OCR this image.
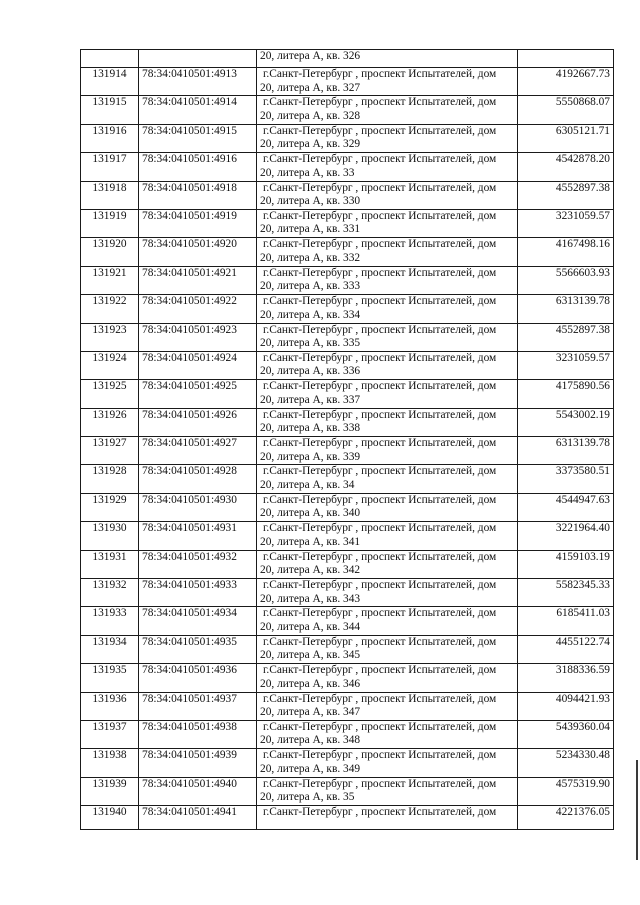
		20, литера А, кв. 326	

131914	78:34:0410501:4913	г.Санкт-Петербург , проспект Испытателей, дом
20, литера А, кв. 327	4192667.73
131915	78:34:0410501:4914	г.Санкт-Петербург , проспект Испытателей, дом
20, литера А, кв. 328	5550868.07
131916	78:34:0410501:4915	г.Санкт-Петербург , проспект Испытателей, дом
20, литера А, кв. 329	6305121.71
131917	78:34:0410501:4916	г.Санкт-Петербург , проспект Испытателей, дом
20, литера А, кв. 33	4542878.20
131918	78:34:0410501:4918	г.Санкт-Петербург , проспект Испытателей, дом
20, литера А, кв. 330	4552897.38
131919	78:34:0410501:4919	г.Санкт-Петербург , проспект Испытателей, дом
20, литера А, кв. 331	3231059.57
131920	78:34:0410501:4920	г.Санкт-Петербург , проспект Испытателей, дом
20, литера А, кв. 332	4167498.16
131921	78:34:0410501:4921	г.Санкт-Петербург , проспект Испытателей, дом
20, литера А, кв. 333	5566603.93
131922	78:34:0410501:4922	г.Санкт-Петербург , проспект Испытателей, дом
20, литера А, кв. 334	6313139.78
131923	78:34:0410501:4923	г.Санкт-Петербург , проспект Испытателей, дом
20, литера А, кв. 335	4552897.38
131924	78:34:0410501:4924	г.Санкт-Петербург , проспект Испытателей, дом
20, литера А, кв. 336	3231059.57
131925	78:34:0410501:4925	г.Санкт-Петербург , проспект Испытателей, дом
20, литера А, кв. 337	4175890.56
131926	78:34:0410501:4926	г.Санкт-Петербург , проспект Испытателей, дом
20, литера А, кв. 338	5543002.19
131927	78:34:0410501:4927	г.Санкт-Петербург , проспект Испытателей, дом
20, литера А, кв. 339	6313139.78
131928	78:34:0410501:4928	г.Санкт-Петербург , проспект Испытателей, дом
20, литера А, кв. 34	3373580.51
131929	78:34:0410501:4930	г.Санкт-Петербург , проспект Испытателей, дом
20, литера А, кв. 340	4544947.63
131930	78:34:0410501:4931	г.Санкт-Петербург , проспект Испытателей, дом
20, литера А, кв. 341	3221964.40
131931	78:34:0410501:4932	г.Санкт-Петербург , проспект Испытателей, дом
20, литера А, кв. 342	4159103.19
131932	78:34:0410501:4933	г.Санкт-Петербург , проспект Испытателей, дом
20, литера А, кв. 343	5582345.33
131933	78:34:0410501:4934	г.Санкт-Петербург , проспект Испытателей, дом
20, литера А, кв. 344	6185411.03
131934	78:34:0410501:4935	г.Санкт-Петербург , проспект Испытателей, дом
20, литера А, кв. 345	4455122.74
131935	78:34:0410501:4936	г.Санкт-Петербург , проспект Испытателей, дом
20, литера А, кв. 346	3188336.59
131936	78:34:0410501:4937	г.Санкт-Петербург , проспект Испытателей, дом
20, литера А, кв. 347	4094421.93
131937	78:34:0410501:4938	г.Санкт-Петербург , проспект Испытателей, дом
20, литера А, кв. 348	5439360.04
131938	78:34:0410501:4939	г.Санкт-Петербург , проспект Испытателей, дом
20, литера А, кв. 349	5234330.48
131939	78:34:0410501:4940	г.Санкт-Петербург , проспект Испытателей, дом
20, литера А, кв. 35	4575319.90
131940	78:34:0410501:4941	г.Санкт-Петербург , проспект Испытателей, дом	4221376.05
